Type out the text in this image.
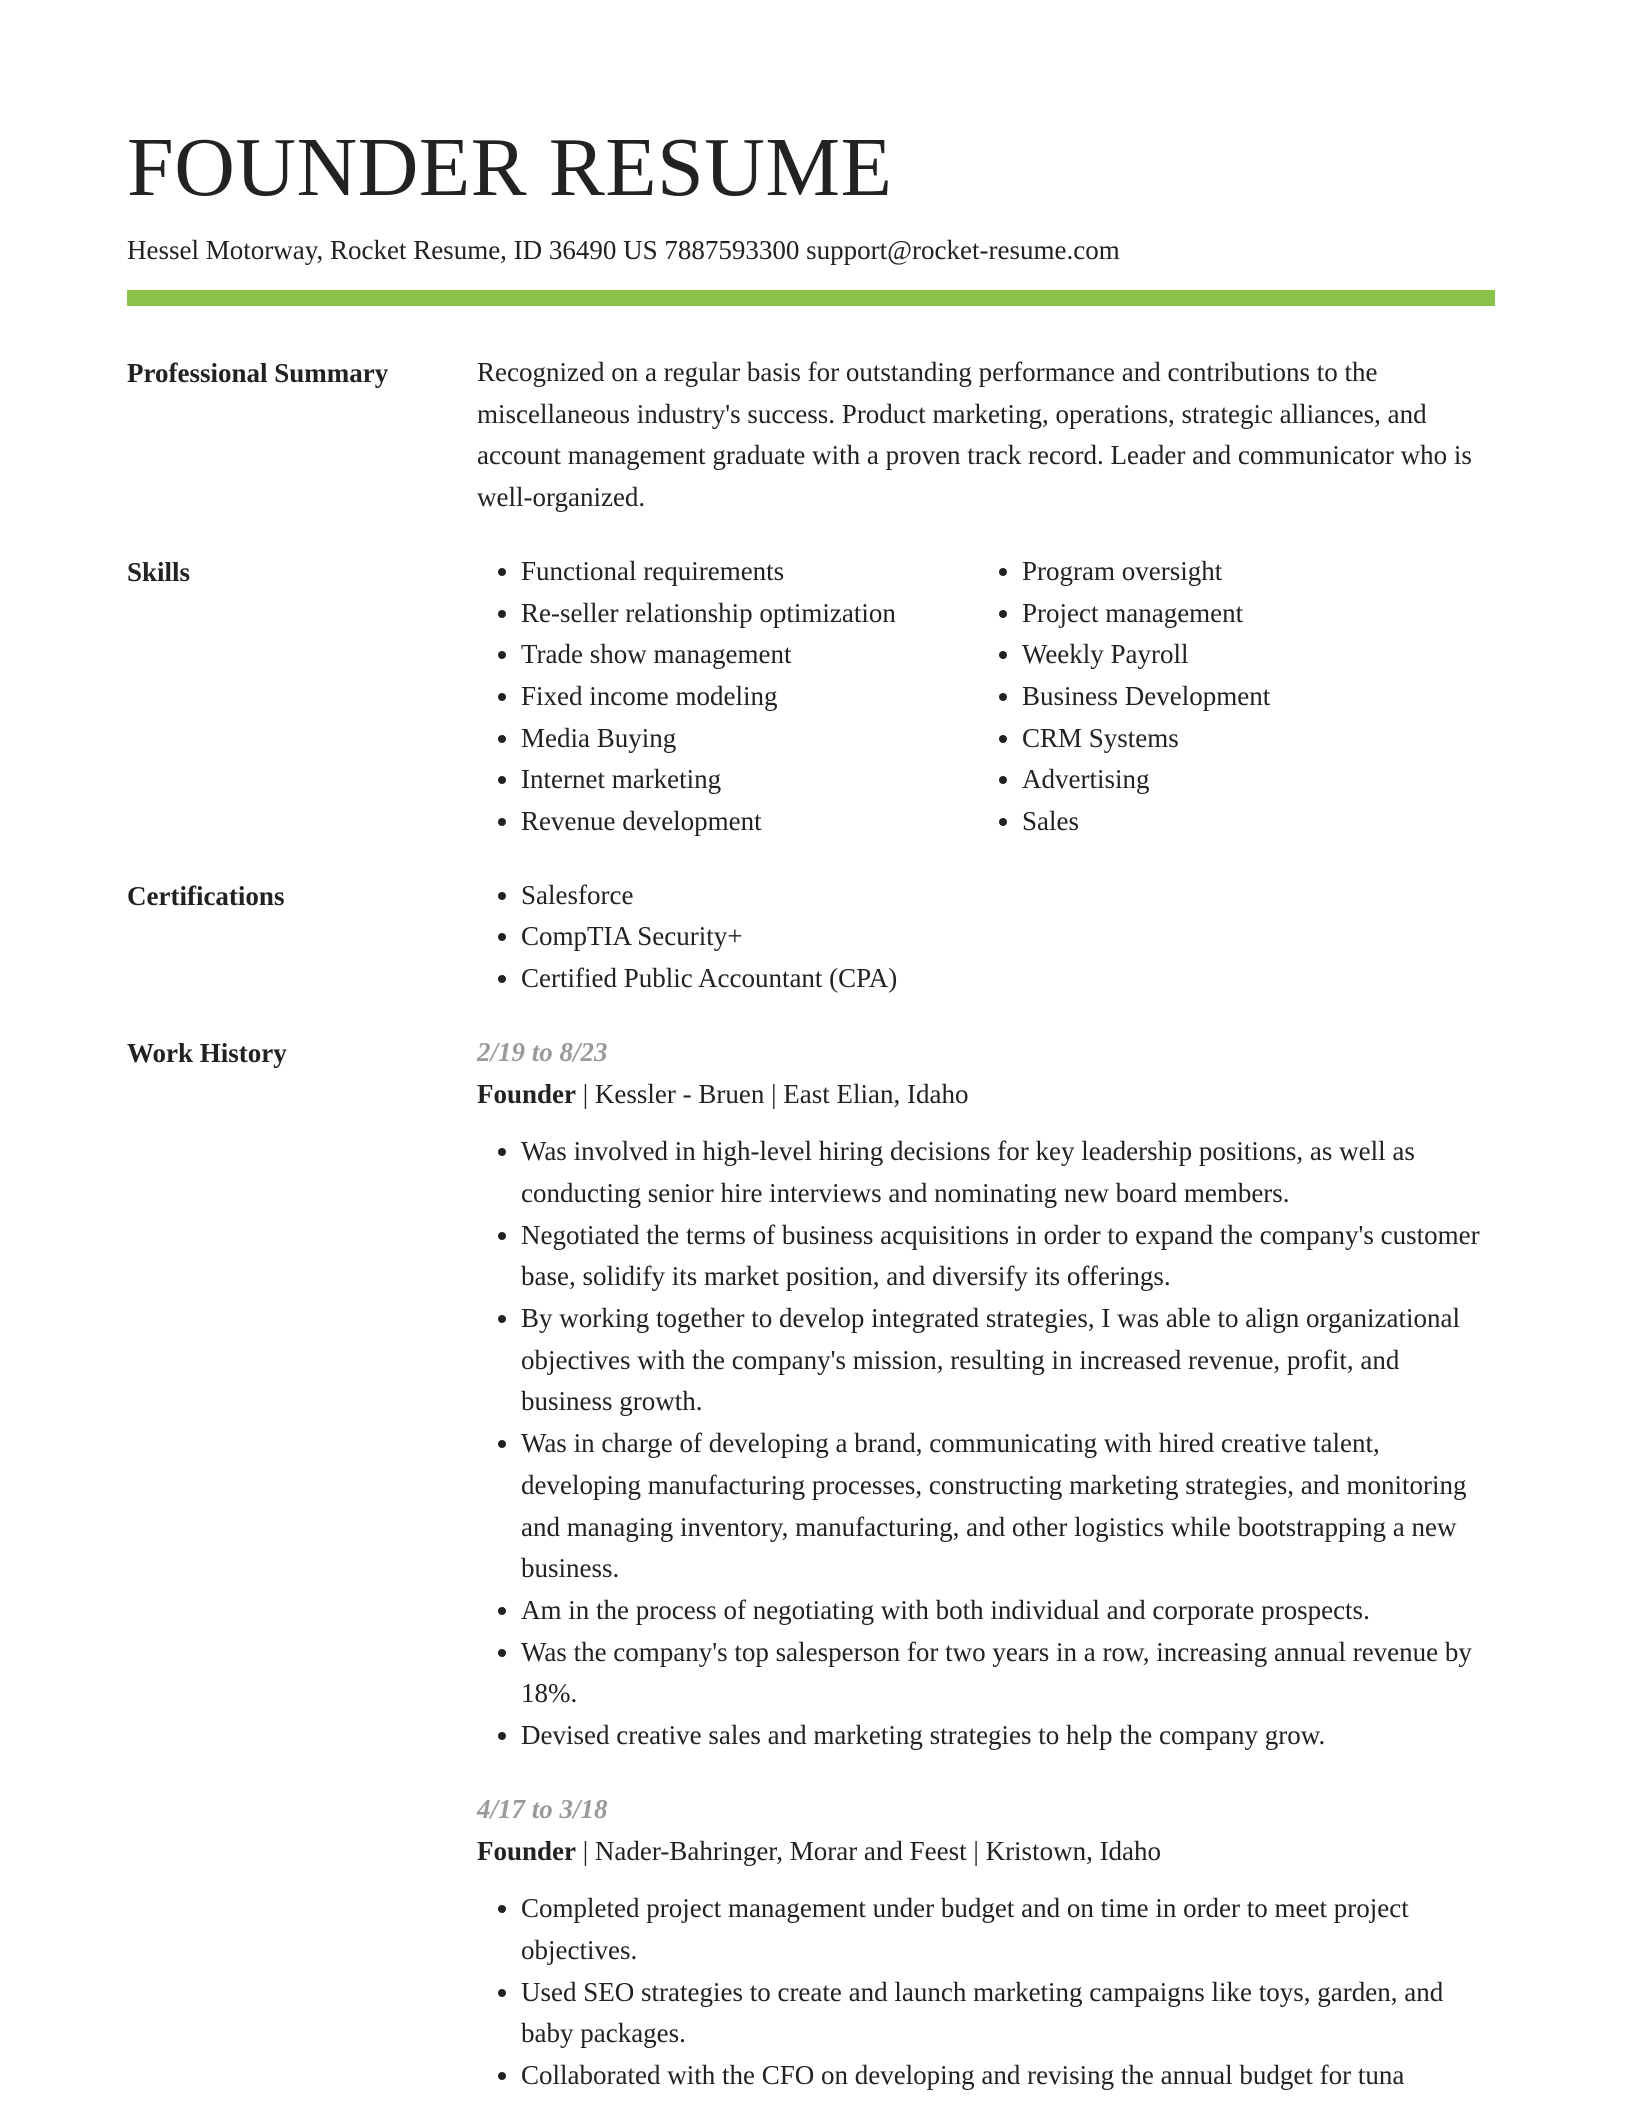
FOUNDER RESUME
Hessel Motorway, Rocket Resume, ID 36490 US 7887593300 support@rocket-resume.com
Professional Summary	Recognized on a regular basis for outstanding performance and contributions to the miscellaneous industry's success. Product marketing, operations, strategic alliances, and account management graduate with a proven track record. Leader and communicator who is well-organized.

Skills	• Functional requirements
• Re-seller relationship optimization
• Trade show management
• Fixed income modeling
• Media Buying
• Internet marketing
• Revenue development
• Program oversight
• Project management
• Weekly Payroll
• Business Development
• CRM Systems
• Advertising
• Sales
Certifications	• Salesforce
• CompTIA Security+
• Certified Public Accountant (CPA)
Work History	2/19 to 8/23
Founder | Kessler - Bruen | East Elian, Idaho
• Was involved in high-level hiring decisions for key leadership positions, as well as conducting senior hire interviews and nominating new board members.
• Negotiated the terms of business acquisitions in order to expand the company's customer base, solidify its market position, and diversify its offerings.
• By working together to develop integrated strategies, I was able to align organizational objectives with the company's mission, resulting in increased revenue, profit, and business growth.
• Was in charge of developing a brand, communicating with hired creative talent, developing manufacturing processes, constructing marketing strategies, and monitoring and managing inventory, manufacturing, and other logistics while bootstrapping a new business.
• Am in the process of negotiating with both individual and corporate prospects.
• Was the company's top salesperson for two years in a row, increasing annual revenue by 18%.
• Devised creative sales and marketing strategies to help the company grow.
4/17 to 3/18
Founder | Nader-Bahringer, Morar and Feest | Kristown, Idaho
• Completed project management under budget and on time in order to meet project objectives.
• Used SEO strategies to create and launch marketing campaigns like toys, garden, and baby packages.
• Collaborated with the CFO on developing and revising the annual budget for tuna
